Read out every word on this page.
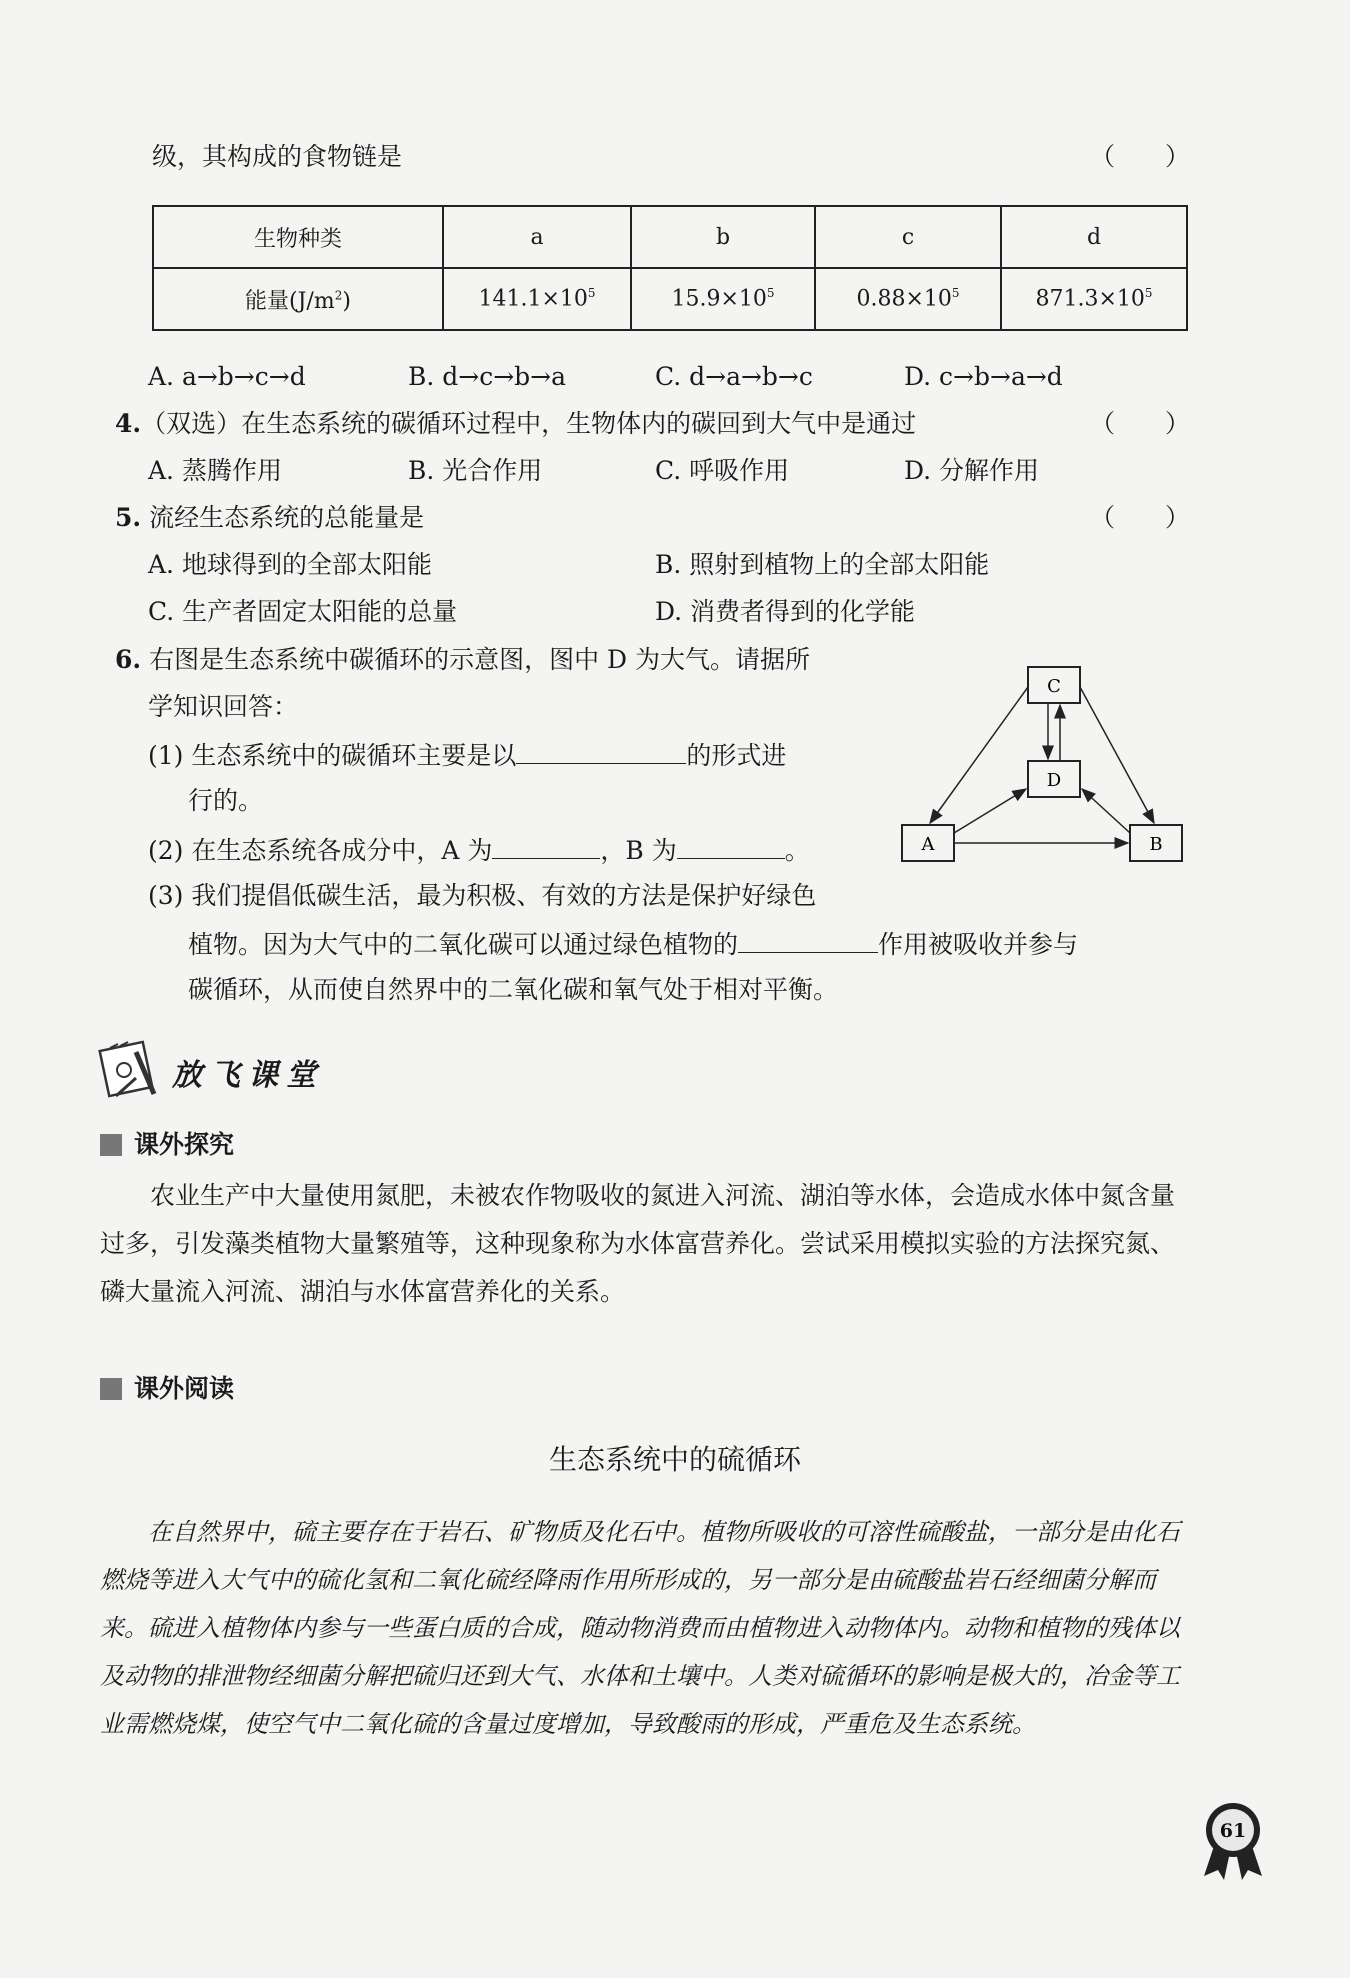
级，其构成的食物链是	（　　）
生物种类	a	b	c	d
能量$(J/m^2)$	$141.1\times 10^5$	$15.9\times 10^5$	$0.88\times 10^5$	$871.3\times 10^5$
A. a→b→c→d	B. d→c→b→a	C. d→a→b→c	D. c→b→a→d
4.（双选）在生态系统的碳循环过程中，生物体内的碳回到大气中是通过	（　　）
A. 蒸腾作用	B. 光合作用	C. 呼吸作用	D. 分解作用
5. 流经生态系统的总能量是	（　　）
A. 地球得到的全部太阳能	B. 照射到植物上的全部太阳能
C. 生产者固定太阳能的总量	D. 消费者得到的化学能
6. 右图是生态系统中碳循环的示意图，图中 D 为大气。请据所
学知识回答：
(1) 生态系统中的碳循环主要是以	的形式进
行的。
(2) 在生态系统各成分中，A 为	，B 为	。
(3) 我们提倡低碳生活，最为积极、有效的方法是保护好绿色
植物。因为大气中的二氧化碳可以通过绿色植物的	作用被吸收并参与
碳循环，从而使自然界中的二氧化碳和氧气处于相对平衡。
C
D
A	B
放飞课堂
课外探究
农业生产中大量使用氮肥，未被农作物吸收的氮进入河流、湖泊等水体，会造成水体中氮含量过多，引发藻类植物大量繁殖等，这种现象称为水体富营养化。尝试采用模拟实验的方法探究氮、磷大量流入河流、湖泊与水体富营养化的关系。
课外阅读
生态系统中的硫循环
在自然界中，硫主要存在于岩石、矿物质及化石中。植物所吸收的可溶性硫酸盐，一部分是由化石燃烧等进入大气中的硫化氢和二氧化硫经降雨作用所形成的，另一部分是由硫酸盐岩石经细菌分解而来。硫进入植物体内参与一些蛋白质的合成，随动物消费而由植物进入动物体内。动物和植物的残体以及动物的排泄物经细菌分解把硫归还到大气、水体和土壤中。人类对硫循环的影响是极大的，冶金等工业需燃烧煤，使空气中二氧化硫的含量过度增加，导致酸雨的形成，严重危及生态系统。
61
